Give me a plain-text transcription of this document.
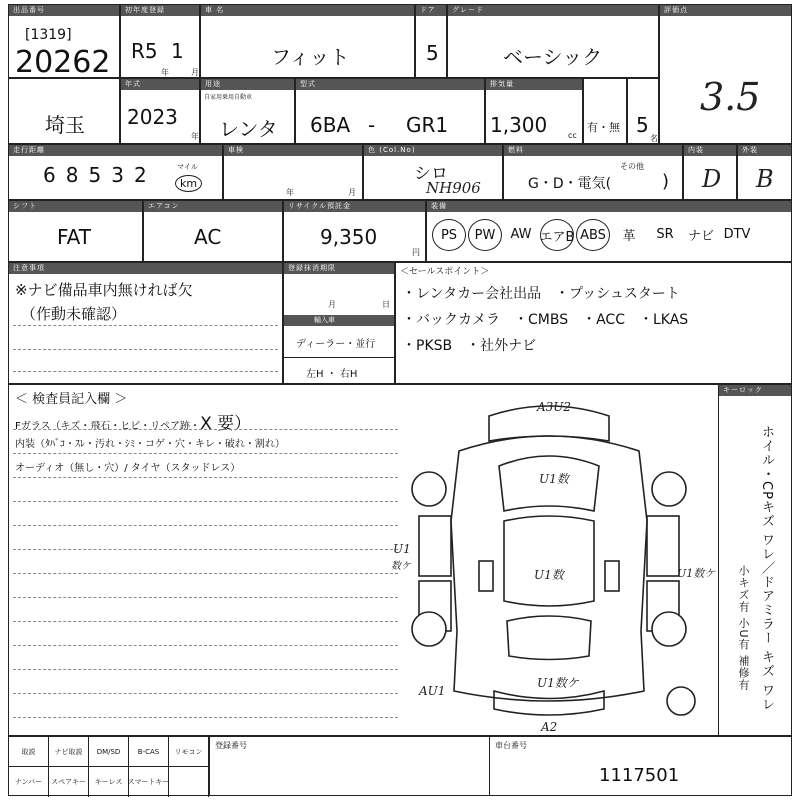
出品番号
[1319]
20262
初年度登録
R5 1
年	月
車 名
フィット
ドア
5
グレード
ベーシック
評価点
3.5
埼玉
年式
2023
年
用途
自家用乗用自動車
レンタ
型式
6BA - GR1
排気量
1,300	cc
有・無 5
名
走行距離
68532	マイル
km
車検
年	月
色 (Col.No)
シロ
NH906
燃料
その他
G・D・電気(	)
内装
D
外装
B
シフト
FAT
エアコン
AC
リサイクル預託金
9,350
円
装備
PS	PW	AW エアB ABS	革	SR	ナビ DTV
注意事項
※ナビ備品車内無ければ欠
（作動未確認）
登録抹消期限
月	日
輸入車
ディーラー・並行
左H ・ 右H
＜セールスポイント＞
・レンタカー会社出品　・プッシュスタート
・バックカメラ　・CMBS　・ACC　・LKAS
・PKSB　・社外ナビ
＜ 検査員記入欄 ＞
Fガラス（キズ・飛石・ヒビ・リペア跡・X 要）
内装（ﾀﾊﾞｺ・ｽﾚ・汚れ・ｼﾐ・コゲ・穴・キレ・破れ・割れ）
オーディオ（無し・穴）/ タイヤ（スタッドレス）
A3U2
U1数
U1
数ケ
U1数	U1数ケ
AU1
U1数ケ
A2
キーロック
ホイル・CPキズ ワレ／ドアミラー キズ ワレ
小キズ有 小U有 補修有
取説	ナビ取説	DM/SD	B-CAS	リモコン
ナンバー	スペアキー	キーレス スマートキー
登録番号	車台番号
1117501
